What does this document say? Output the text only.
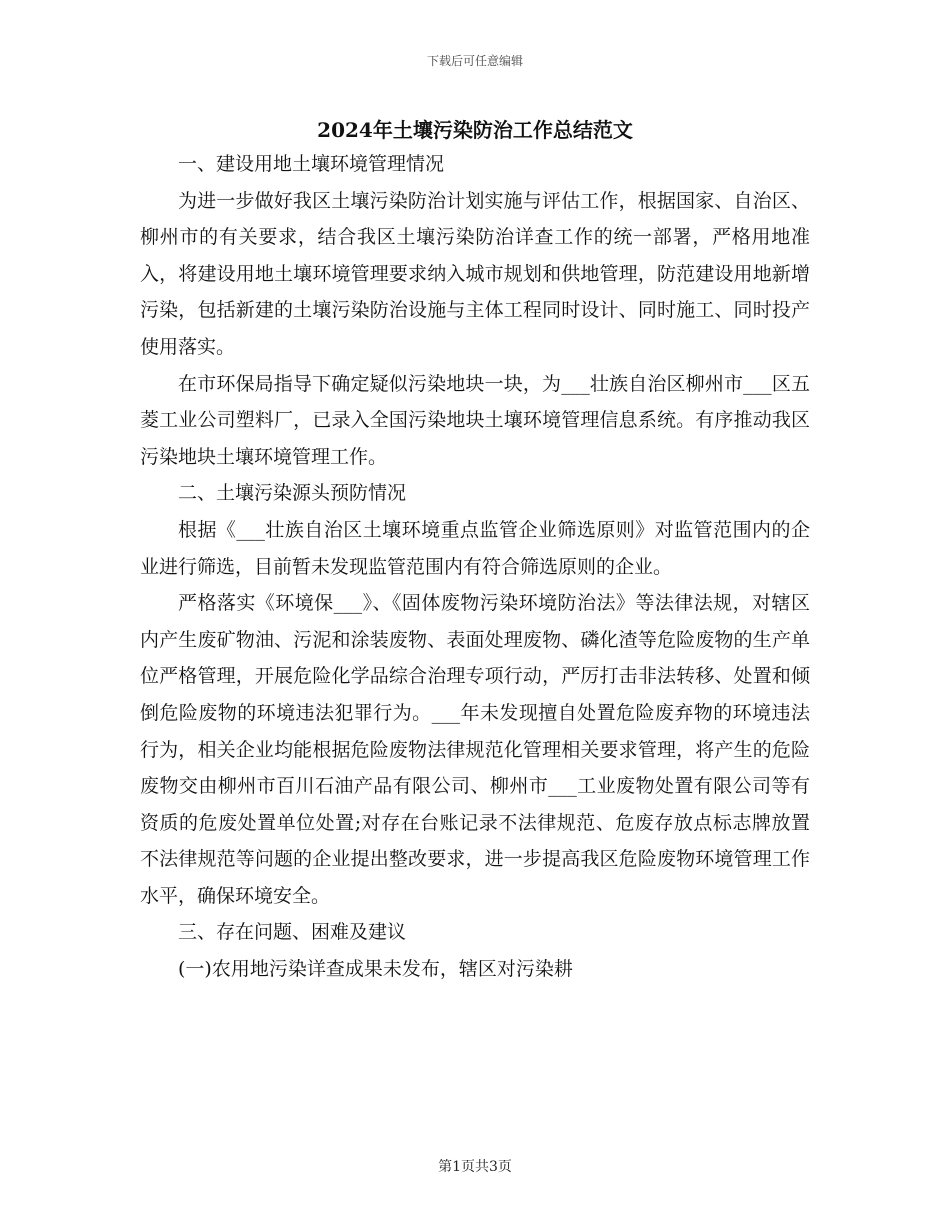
下载后可任意编辑
2024年土壤污染防治工作总结范文

一、建设用地土壤环境管理情况

为进一步做好我区土壤污染防治计划实施与评估工作，根据国家、自治区、柳州市的有关要求，结合我区土壤污染防治详查工作的统一部署，严格用地准入，将建设用地土壤环境管理要求纳入城市规划和供地管理，防范建设用地新增污染，包括新建的土壤污染防治设施与主体工程同时设计、同时施工、同时投产使用落实。

在市环保局指导下确定疑似污染地块一块，为___壮族自治区柳州市___区五菱工业公司塑料厂，已录入全国污染地块土壤环境管理信息系统。有序推动我区污染地块土壤环境管理工作。

二、土壤污染源头预防情况

根据《___壮族自治区土壤环境重点监管企业筛选原则》对监管范围内的企业进行筛选，目前暂未发现监管范围内有符合筛选原则的企业。

严格落实《环境保___》、《固体废物污染环境防治法》等法律法规，对辖区内产生废矿物油、污泥和涂装废物、表面处理废物、磷化渣等危险废物的生产单位严格管理，开展危险化学品综合治理专项行动，严厉打击非法转移、处置和倾倒危险废物的环境违法犯罪行为。___年未发现擅自处置危险废弃物的环境违法行为，相关企业均能根据危险废物法律规范化管理相关要求管理，将产生的危险废物交由柳州市百川石油产品有限公司、柳州市___工业废物处置有限公司等有资质的危废处置单位处置;对存在台账记录不法律规范、危废存放点标志牌放置不法律规范等问题的企业提出整改要求，进一步提高我区危险废物环境管理工作水平，确保环境安全。

三、存在问题、困难及建议

(一)农用地污染详查成果未发布，辖区对污染耕

第1页共3页
